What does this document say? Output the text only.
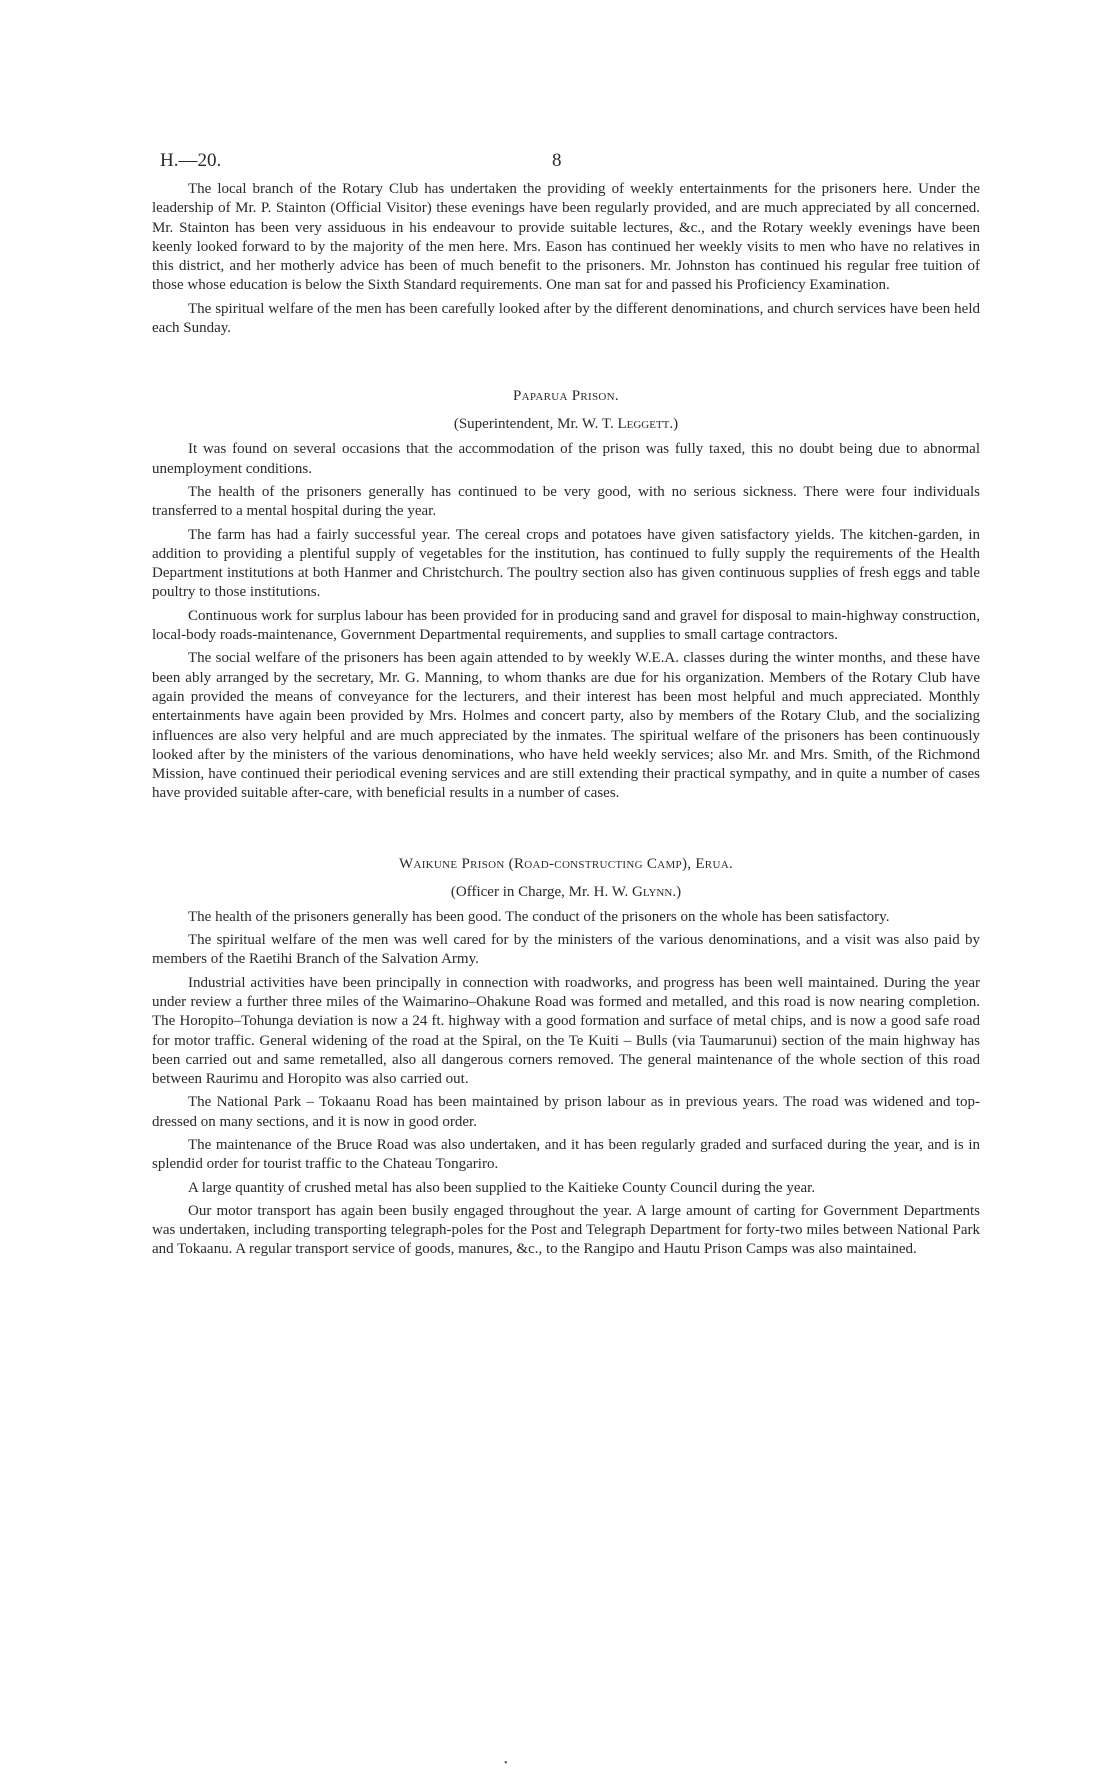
H.—20.	8

The local branch of the Rotary Club has undertaken the providing of weekly entertainments for the prisoners here. Under the leadership of Mr. P. Stainton (Official Visitor) these evenings have been regularly provided, and are much appreciated by all concerned. Mr. Stainton has been very assiduous in his endeavour to provide suitable lectures, &c., and the Rotary weekly evenings have been keenly looked forward to by the majority of the men here. Mrs. Eason has continued her weekly visits to men who have no relatives in this district, and her motherly advice has been of much benefit to the prisoners. Mr. Johnston has continued his regular free tuition of those whose education is below the Sixth Standard requirements. One man sat for and passed his Proficiency Examination.

The spiritual welfare of the men has been carefully looked after by the different denominations, and church services have been held each Sunday.

Paparua Prison.
(Superintendent, Mr. W. T. Leggett.)

It was found on several occasions that the accommodation of the prison was fully taxed, this no doubt being due to abnormal unemployment conditions.

The health of the prisoners generally has continued to be very good, with no serious sickness. There were four individuals transferred to a mental hospital during the year.

The farm has had a fairly successful year. The cereal crops and potatoes have given satisfactory yields. The kitchen-garden, in addition to providing a plentiful supply of vegetables for the institution, has continued to fully supply the requirements of the Health Department institutions at both Hanmer and Christchurch. The poultry section also has given continuous supplies of fresh eggs and table poultry to those institutions.

Continuous work for surplus labour has been provided for in producing sand and gravel for disposal to main-highway construction, local-body roads-maintenance, Government Departmental requirements, and supplies to small cartage contractors.

The social welfare of the prisoners has been again attended to by weekly W.E.A. classes during the winter months, and these have been ably arranged by the secretary, Mr. G. Manning, to whom thanks are due for his organization. Members of the Rotary Club have again provided the means of conveyance for the lecturers, and their interest has been most helpful and much appreciated. Monthly entertainments have again been provided by Mrs. Holmes and concert party, also by members of the Rotary Club, and the socializing influences are also very helpful and are much appreciated by the inmates. The spiritual welfare of the prisoners has been continuously looked after by the ministers of the various denominations, who have held weekly services; also Mr. and Mrs. Smith, of the Richmond Mission, have continued their periodical evening services and are still extending their practical sympathy, and in quite a number of cases have provided suitable after-care, with beneficial results in a number of cases.

Waikune Prison (Road-constructing Camp), Erua.
(Officer in Charge, Mr. H. W. Glynn.)

The health of the prisoners generally has been good. The conduct of the prisoners on the whole has been satisfactory.

The spiritual welfare of the men was well cared for by the ministers of the various denominations, and a visit was also paid by members of the Raetihi Branch of the Salvation Army.

Industrial activities have been principally in connection with roadworks, and progress has been well maintained. During the year under review a further three miles of the Waimarino–Ohakune Road was formed and metalled, and this road is now nearing completion. The Horopito–Tohunga deviation is now a 24 ft. highway with a good formation and surface of metal chips, and is now a good safe road for motor traffic. General widening of the road at the Spiral, on the Te Kuiti – Bulls (via Taumarunui) section of the main highway has been carried out and same remetalled, also all dangerous corners removed. The general maintenance of the whole section of this road between Raurimu and Horopito was also carried out.

The National Park – Tokaanu Road has been maintained by prison labour as in previous years. The road was widened and top-dressed on many sections, and it is now in good order.

The maintenance of the Bruce Road was also undertaken, and it has been regularly graded and surfaced during the year, and is in splendid order for tourist traffic to the Chateau Tongariro.

A large quantity of crushed metal has also been supplied to the Kaitieke County Council during the year.

Our motor transport has again been busily engaged throughout the year. A large amount of carting for Government Departments was undertaken, including transporting telegraph-poles for the Post and Telegraph Department for forty-two miles between National Park and Tokaanu. A regular transport service of goods, manures, &c., to the Rangipo and Hautu Prison Camps was also maintained.

•
